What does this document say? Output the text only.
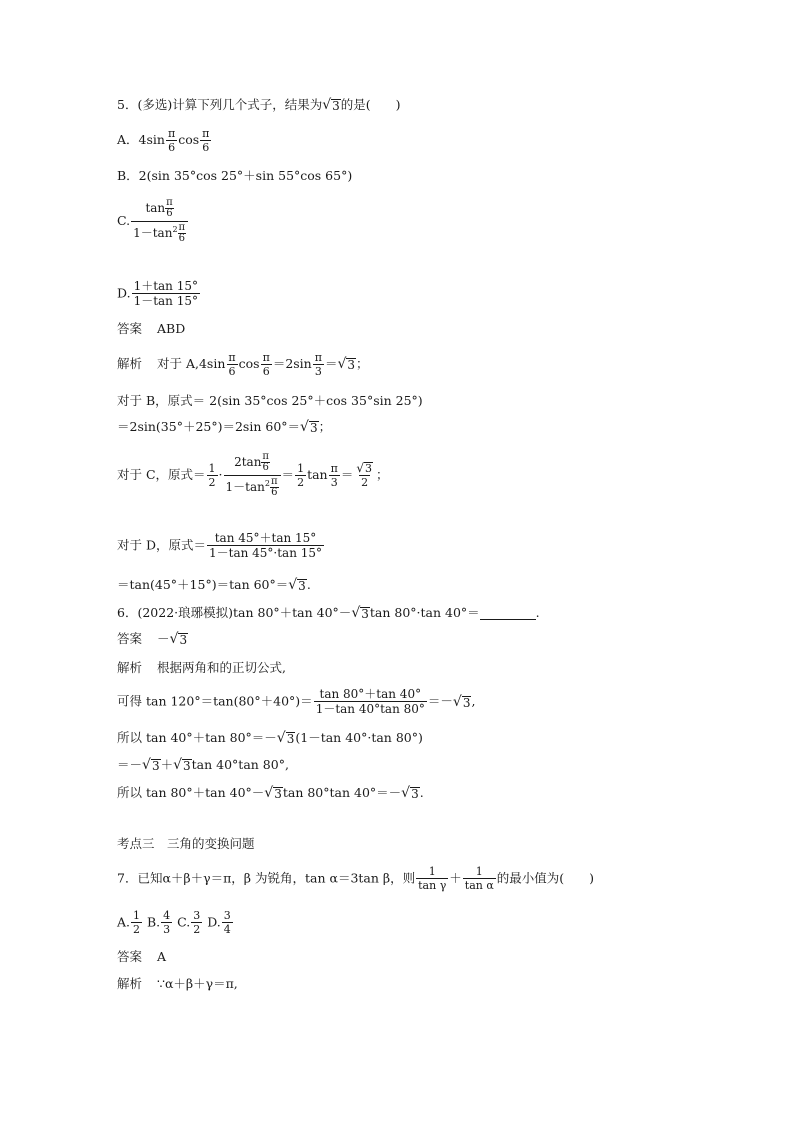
5．(多选)计算下列几个式子，结果为 √ 3 的是(　　)
A．$4\sin \frac{\pi}{6}$ $\cos \frac{\pi}{6}$
B．2(sin 35°cos 25°＋sin 55°cos 65°)
C. $\frac{\tan \frac{\pi}{6}}{1-\tan^2 \frac{\pi}{6}}$
D. $\frac{1+\tan 15^\circ}{1-\tan 15^\circ}$
答案 ABD
解析 对于 $A,4\sin \frac{\pi}{6}$ $\cos \frac{\pi}{6} =2\sin \frac{\pi}{3}$ ＝ √ 3 ；
对于 B，原式＝ 2(sin 35°cos 25°＋cos 35°sin 25°)
＝2sin(35°＋25°)＝2sin 60°＝ √ 3 ；
对于 C，原式＝ $\frac{1}{2} \cdot \frac{2\tan \frac{\pi}{6}}{1-\tan^2 \frac{\pi}{6}} = \frac{1}{2}$ $\tan \frac{\pi}{3} = \frac{√ 3}{2}$ ；
对于 D，原式＝ $\frac{\tan 45^\circ+\tan 15^\circ}{1-\tan 45^\circ\cdot\tan 15^\circ}$
＝tan(45°＋15°)＝tan 60°＝ √ 3 .
6．(2022·琅琊模拟)tan 80°＋tan 40°－ √ 3 tan 80°·tan 40°＝	.
答案 － √ 3
解析 根据两角和的正切公式,
可得 $\tan 120^\circ=\tan(80^\circ+40^\circ)= \frac{\tan 80^\circ+\tan 40^\circ}{1-\tan 40^\circ\tan 80^\circ}$ ＝－ √ 3 ,
所以 tan 40°＋tan 80°＝－ √ 3 (1－tan 40°·tan 80°)
＝－ √ 3 ＋ √ 3 tan 40°tan 80°,
所以 tan 80°＋tan 40°－ √ 3 tan 80°tan 40°＝－ √ 3 .
考点三　三角的变换问题
7．已知α＋β＋γ＝π，β 为锐角，tan α＝3tan β，则 $\frac{1}{\text{tan γ}} + \frac{1}{\text{tan α}}$ 的最小值为(　　)
A. $\frac{1}{2} B$. $\frac{4}{3} C$. $\frac{3}{2} D$. $\frac{3}{4}$
答案 A
解析 ∵α＋β＋γ＝π,
